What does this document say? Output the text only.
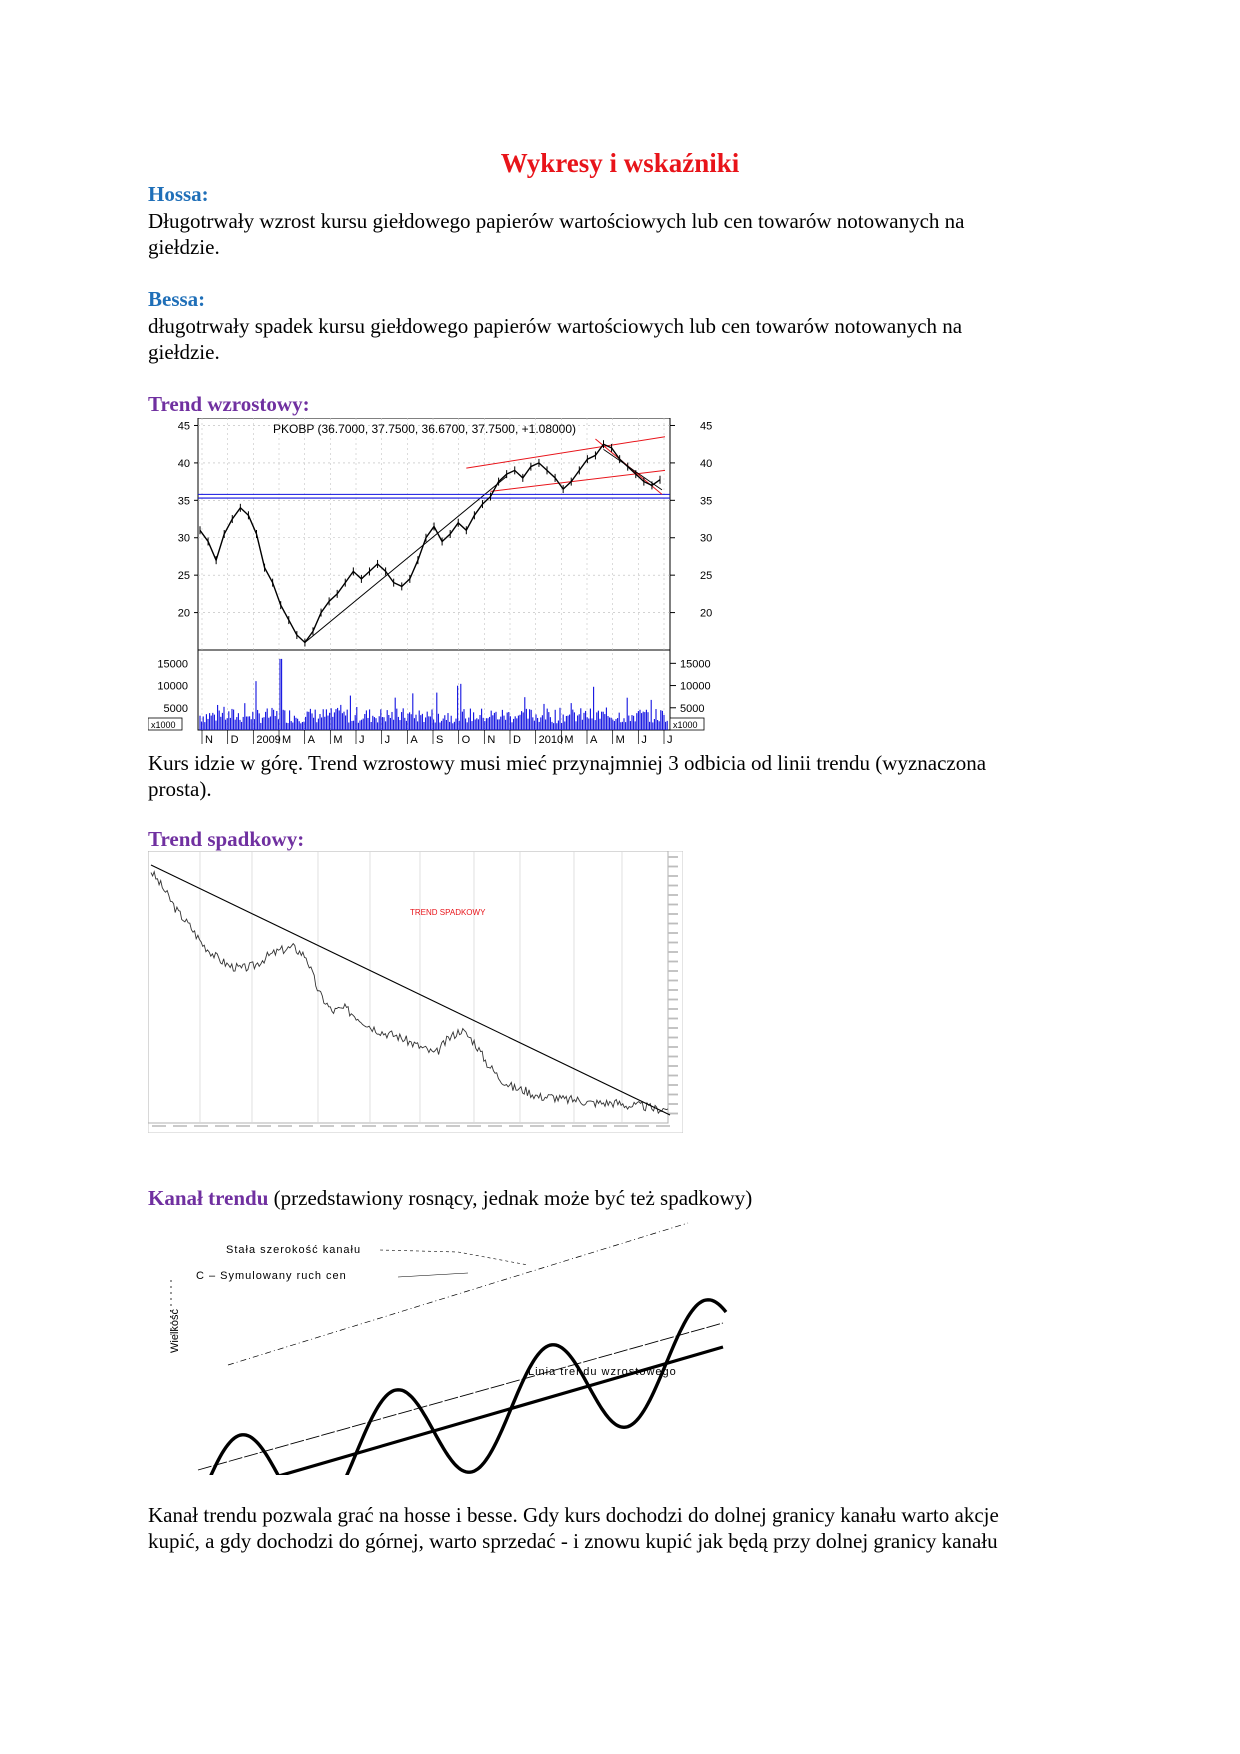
Wykresy i wskaźniki
Hossa:

Długotrwały wzrost kursu giełdowego papierów wartościowych lub cen towarów notowanych na
giełdzie.

Bessa:

długotrwały spadek kursu giełdowego papierów wartościowych lub cen towarów notowanych na
giełdzie.

Trend wzrostowy:
45	45
40	40
35	35
30	30
25	25
20	20
15000	15000
10000	10000
5000	5000
N D 2009 M A M J J A S O N D 2010 M A M J J
PKOBP (36.7000, 37.7500, 36.6700, 37.7500, +1.08000)
x1000	x1000

Kurs idzie w górę. Trend wzrostowy musi mieć przynajmniej 3 odbicia od linii trendu (wyznaczona
prosta).

Trend spadkowy:
TREND SPADKOWY

Kanał trendu (przedstawiony rosnący, jednak może być też spadkowy)

Wielkość
Stała szerokość kanału
C – Symulowany ruch cen
Linia trendu wzrostowego

Kanał trendu pozwala grać na hosse i besse. Gdy kurs dochodzi do dolnej granicy kanału warto akcje
kupić, a gdy dochodzi do górnej, warto sprzedać - i znowu kupić jak będą przy dolnej granicy kanału
